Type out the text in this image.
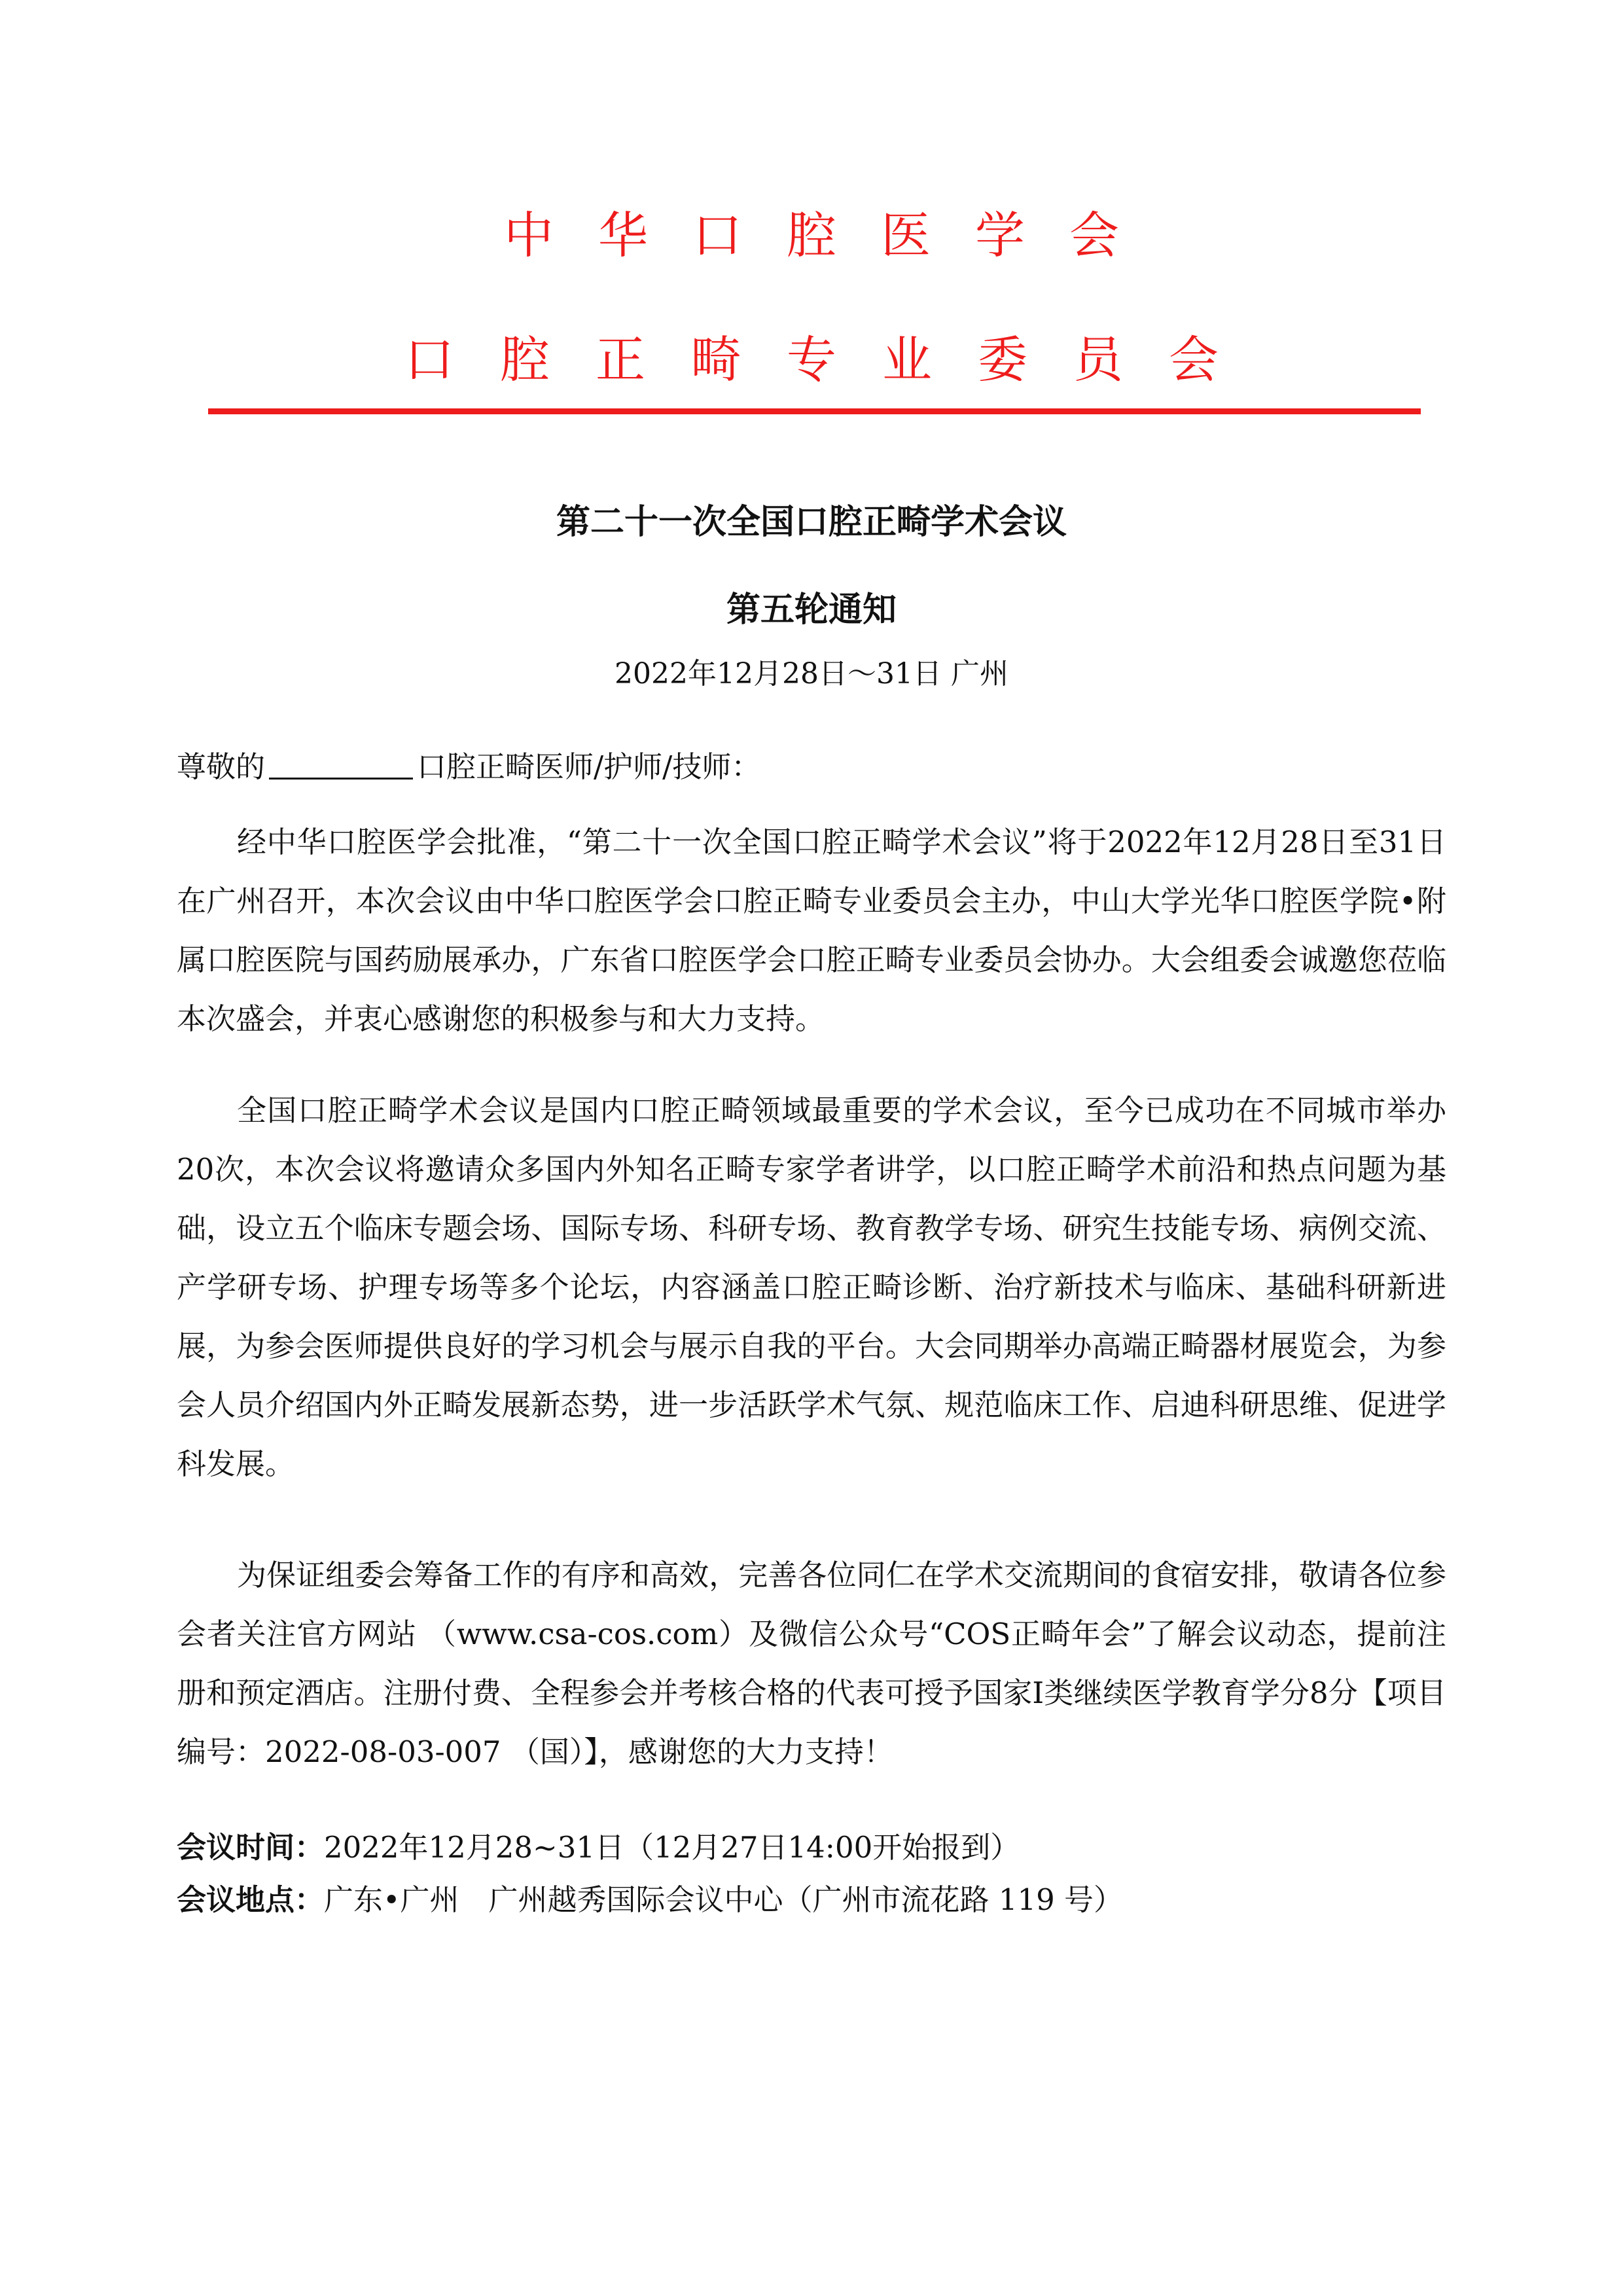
中华口腔医学会
口腔正畸专业委员会
第二十一次全国口腔正畸学术会议
第五轮通知
2022年12月28日～31日 广州
尊敬的	口腔正畸医师/护师/技师：

经中华口腔医学会批准，“第二十一次全国口腔正畸学术会议”将于2022年12月28日至31日在广州召开，本次会议由中华口腔医学会口腔正畸专业委员会主办，中山大学光华口腔医学院•附属口腔医院与国药励展承办，广东省口腔医学会口腔正畸专业委员会协办。大会组委会诚邀您莅临本次盛会，并衷心感谢您的积极参与和大力支持。

全国口腔正畸学术会议是国内口腔正畸领域最重要的学术会议，至今已成功在不同城市举办20次，本次会议将邀请众多国内外知名正畸专家学者讲学，以口腔正畸学术前沿和热点问题为基础，设立五个临床专题会场、国际专场、科研专场、教育教学专场、研究生技能专场、病例交流、产学研专场、护理专场等多个论坛，内容涵盖口腔正畸诊断、治疗新技术与临床、基础科研新进展，为参会医师提供良好的学习机会与展示自我的平台。大会同期举办高端正畸器材展览会，为参会人员介绍国内外正畸发展新态势，进一步活跃学术气氛、规范临床工作、启迪科研思维、促进学科发展。

为保证组委会筹备工作的有序和高效，完善各位同仁在学术交流期间的食宿安排，敬请各位参会者关注官方网站 （www.csa-cos.com）及微信公众号“COS正畸年会”了解会议动态，提前注册和预定酒店。注册付费、全程参会并考核合格的代表可授予国家I类继续医学教育学分8分【项目编号：2022-08-03-007 （国）】，感谢您的大力支持！

会议时间：2022年12月28~31日（12月27日14:00开始报到）
会议地点：广东•广州　广州越秀国际会议中心（广州市流花路 119 号）
